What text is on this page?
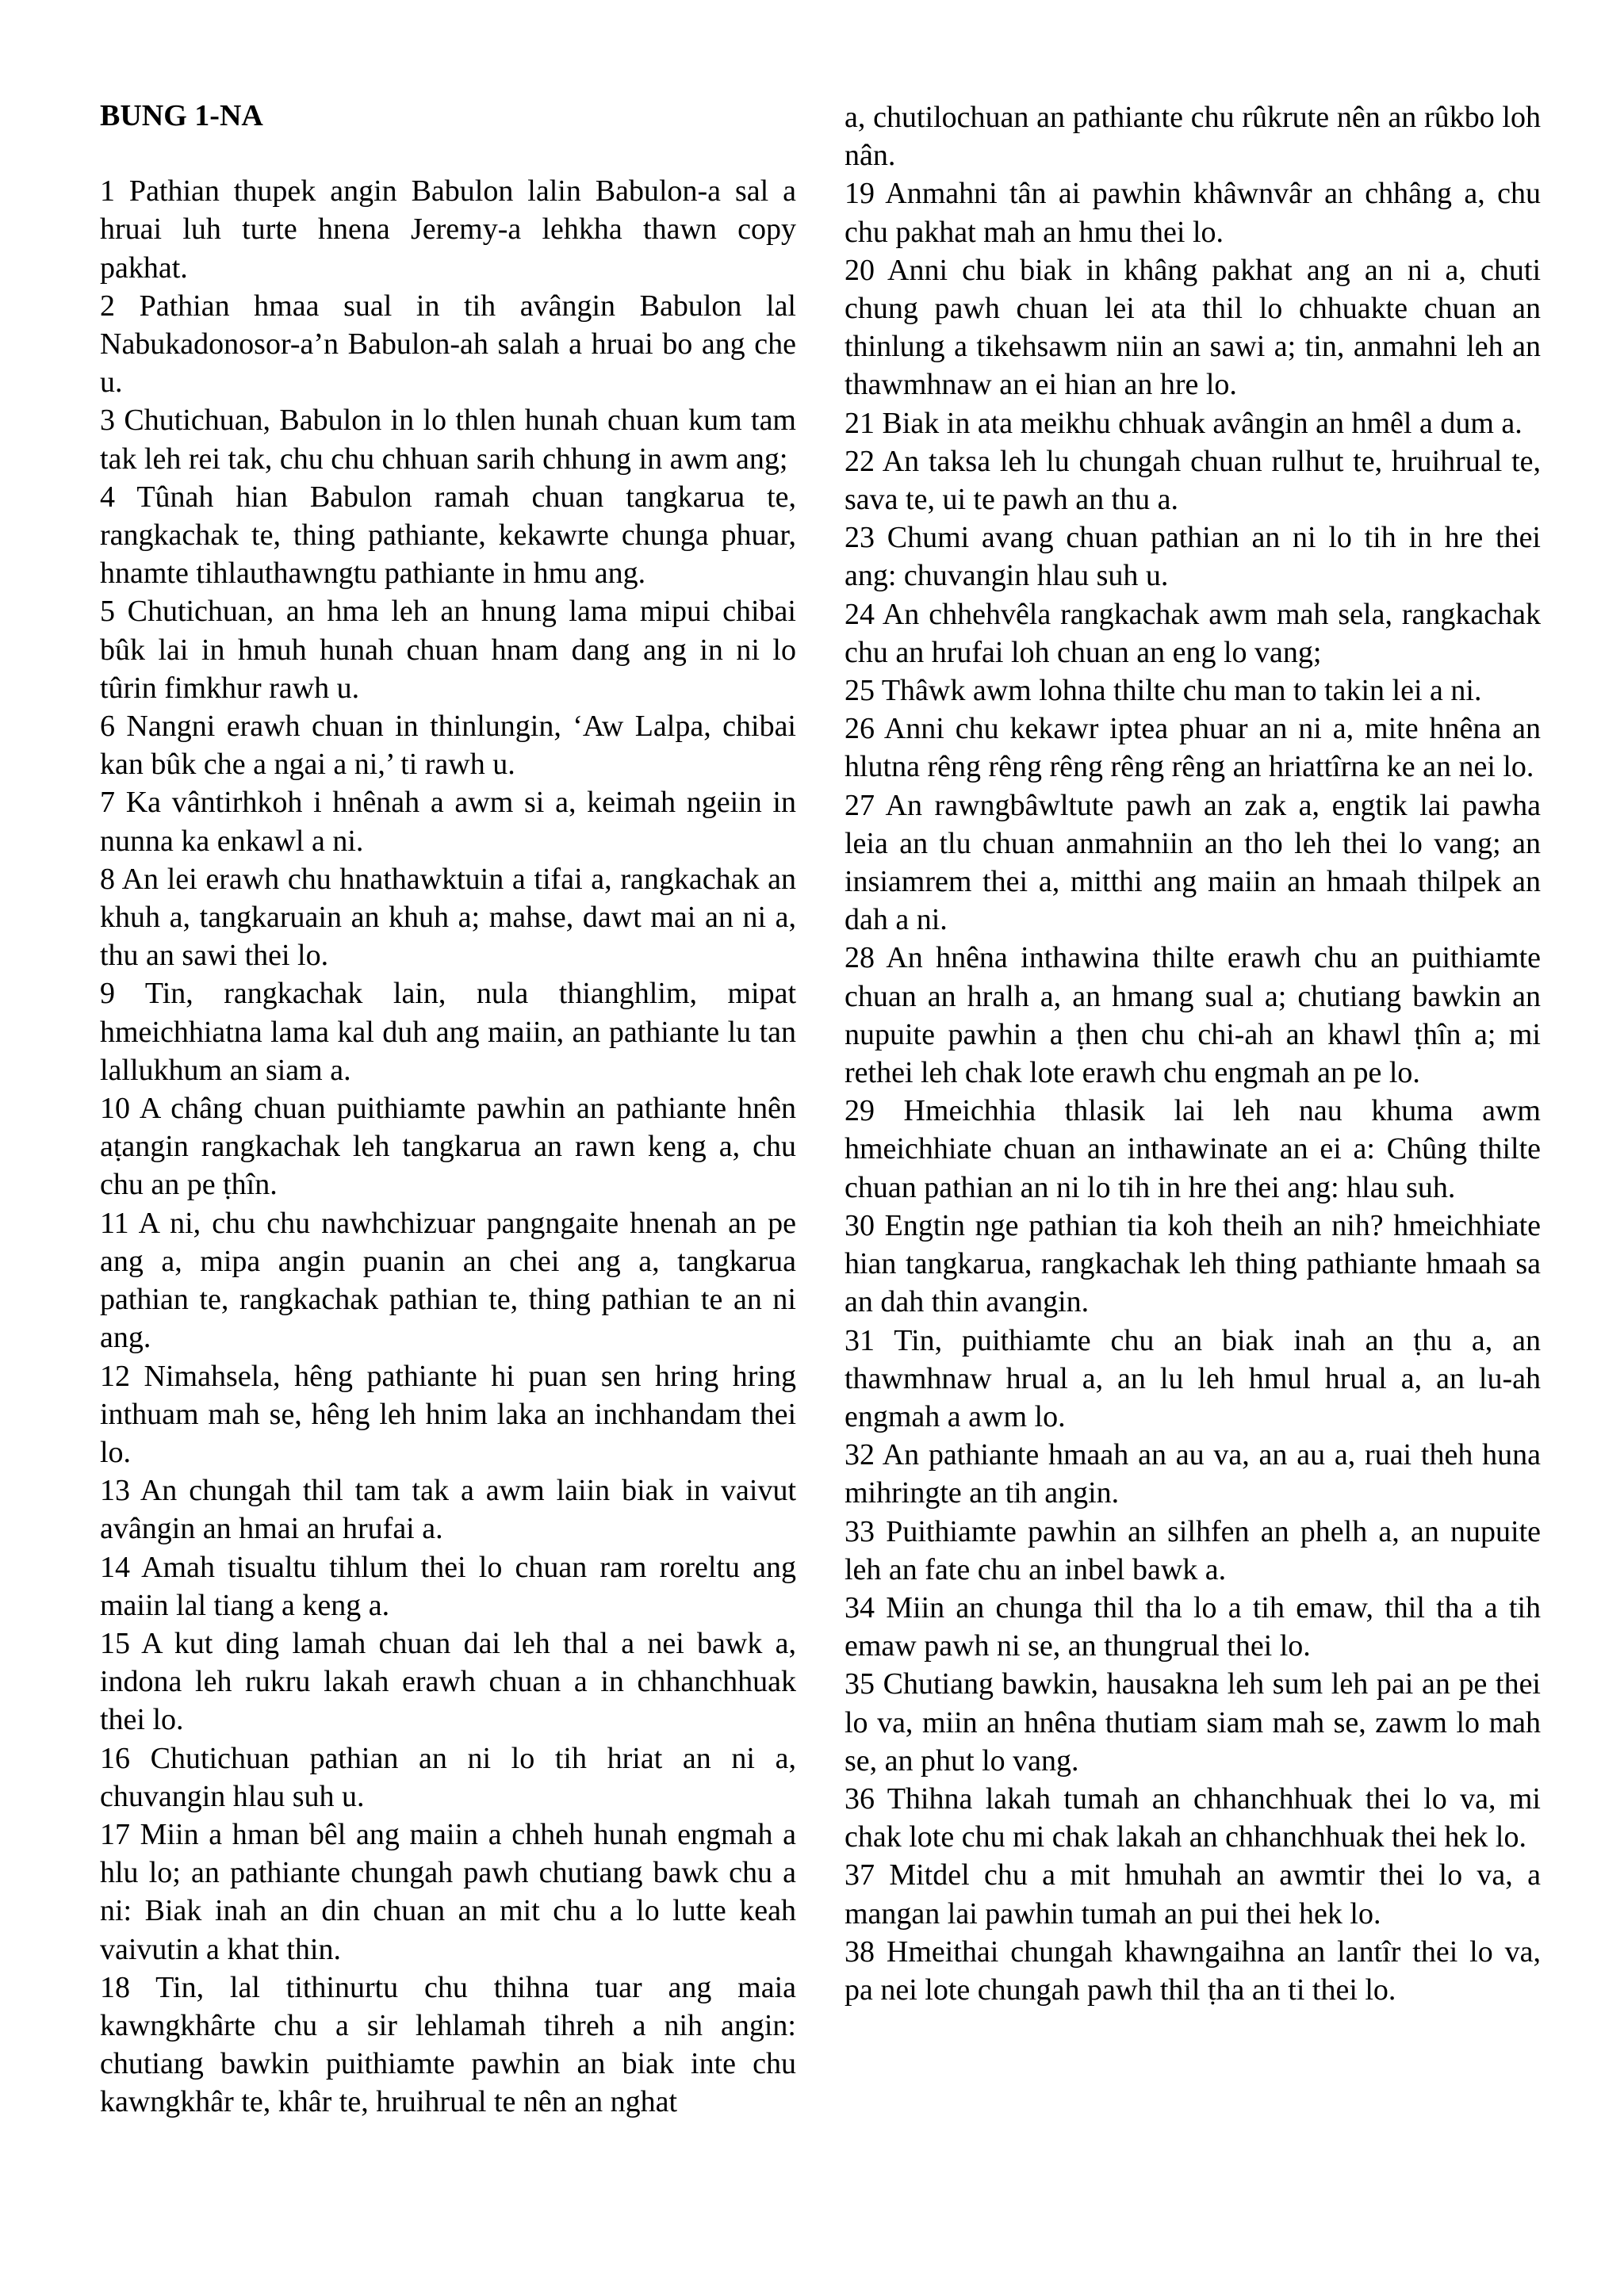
BUNG 1-NA

1 Pathian thupek angin Babulon lalin Babulon-a sal a hruai luh turte hnena Jeremy-a lehkha thawn copy pakhat.

2 Pathian hmaa sual in tih avângin Babulon lal Nabukadonosor-a’n Babulon-ah salah a hruai bo ang che u.

3 Chutichuan, Babulon in lo thlen hunah chuan kum tam tak leh rei tak, chu chu chhuan sarih chhung in awm ang;

4 Tûnah hian Babulon ramah chuan tangkarua te, rangkachak te, thing pathiante, kekawrte chunga phuar, hnamte tihlauthawngtu pathiante in hmu ang.

5 Chutichuan, an hma leh an hnung lama mipui chibai bûk lai in hmuh hunah chuan hnam dang ang in ni lo tûrin fimkhur rawh u.

6 Nangni erawh chuan in thinlungin, ‘Aw Lalpa, chibai kan bûk che a ngai a ni,’ ti rawh u.

7 Ka vântirhkoh i hnênah a awm si a, keimah ngeiin in nunna ka enkawl a ni.

8 An lei erawh chu hnathawktuin a tifai a, rangkachak an khuh a, tangkaruain an khuh a; mahse, dawt mai an ni a, thu an sawi thei lo.

9 Tin, rangkachak lain, nula thianghlim, mipat hmeichhiatna lama kal duh ang maiin, an pathiante lu tan lallukhum an siam a.

10 A châng chuan puithiamte pawhin an pathiante hnên aṭangin rangkachak leh tangkarua an rawn keng a, chu chu an pe ṭhîn.

11 A ni, chu chu nawhchizuar pangngaite hnenah an pe ang a, mipa angin puanin an chei ang a, tangkarua pathian te, rangkachak pathian te, thing pathian te an ni ang.

12 Nimahsela, hêng pathiante hi puan sen hring hring inthuam mah se, hêng leh hnim laka an inchhandam thei lo.

13 An chungah thil tam tak a awm laiin biak in vaivut avângin an hmai an hrufai a.

14 Amah tisualtu tihlum thei lo chuan ram roreltu ang maiin lal tiang a keng a.

15 A kut ding lamah chuan dai leh thal a nei bawk a, indona leh rukru lakah erawh chuan a in chhanchhuak thei lo.

16 Chutichuan pathian an ni lo tih hriat an ni a, chuvangin hlau suh u.

17 Miin a hman bêl ang maiin a chheh hunah engmah a hlu lo; an pathiante chungah pawh chutiang bawk chu a ni: Biak inah an din chuan an mit chu a lo lutte keah vaivutin a khat thin.

18 Tin, lal tithinurtu chu thihna tuar ang maia kawngkhârte chu a sir lehlamah tihreh a nih angin: chutiang bawkin puithiamte pawhin an biak inte chu kawngkhâr te, khâr te, hruihrual te nên an nghat

a, chutilochuan an pathiante chu rûkrute nên an rûkbo loh nân.

19 Anmahni tân ai pawhin khâwnvâr an chhâng a, chu chu pakhat mah an hmu thei lo.

20 Anni chu biak in khâng pakhat ang an ni a, chuti chung pawh chuan lei ata thil lo chhuakte chuan an thinlung a tikehsawm niin an sawi a; tin, anmahni leh an thawmhnaw an ei hian an hre lo.

21 Biak in ata meikhu chhuak avângin an hmêl a dum a.

22 An taksa leh lu chungah chuan rulhut te, hruihrual te, sava te, ui te pawh an thu a.

23 Chumi avang chuan pathian an ni lo tih in hre thei ang: chuvangin hlau suh u.

24 An chhehvêla rangkachak awm mah sela, rangkachak chu an hrufai loh chuan an eng lo vang;

25 Thâwk awm lohna thilte chu man to takin lei a ni.

26 Anni chu kekawr iptea phuar an ni a, mite hnêna an hlutna rêng rêng rêng rêng rêng an hriattîrna ke an nei lo.

27 An rawngbâwltute pawh an zak a, engtik lai pawha leia an tlu chuan anmahniin an tho leh thei lo vang; an insiamrem thei a, mitthi ang maiin an hmaah thilpek an dah a ni.

28 An hnêna inthawina thilte erawh chu an puithiamte chuan an hralh a, an hmang sual a; chutiang bawkin an nupuite pawhin a ṭhen chu chi-ah an khawl ṭhîn a; mi rethei leh chak lote erawh chu engmah an pe lo.

29 Hmeichhia thlasik lai leh nau khuma awm hmeichhiate chuan an inthawinate an ei a: Chûng thilte chuan pathian an ni lo tih in hre thei ang: hlau suh.

30 Engtin nge pathian tia koh theih an nih? hmeichhiate hian tangkarua, rangkachak leh thing pathiante hmaah sa an dah thin avangin.

31 Tin, puithiamte chu an biak inah an ṭhu a, an thawmhnaw hrual a, an lu leh hmul hrual a, an lu-ah engmah a awm lo.

32 An pathiante hmaah an au va, an au a, ruai theh huna mihringte an tih angin.

33 Puithiamte pawhin an silhfen an phelh a, an nupuite leh an fate chu an inbel bawk a.

34 Miin an chunga thil tha lo a tih emaw, thil tha a tih emaw pawh ni se, an thungrual thei lo.

35 Chutiang bawkin, hausakna leh sum leh pai an pe thei lo va, miin an hnêna thutiam siam mah se, zawm lo mah se, an phut lo vang.

36 Thihna lakah tumah an chhanchhuak thei lo va, mi chak lote chu mi chak lakah an chhanchhuak thei hek lo.

37 Mitdel chu a mit hmuhah an awmtir thei lo va, a mangan lai pawhin tumah an pui thei hek lo.

38 Hmeithai chungah khawngaihna an lantîr thei lo va, pa nei lote chungah pawh thil ṭha an ti thei lo.
